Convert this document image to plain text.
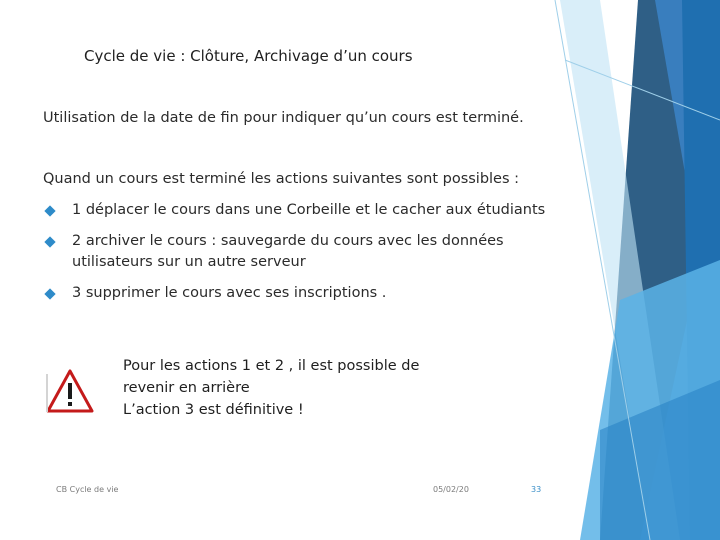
Cycle de vie : Clôture, Archivage d’un cours
Utilisation de la date de fin pour indiquer qu’un cours est terminé.
Quand un cours est terminé les actions suivantes sont possibles :
1 déplacer le cours dans une Corbeille et le cacher aux étudiants
2 archiver le cours : sauvegarde du cours avec les données
utilisateurs sur un autre serveur
3 supprimer le cours avec ses inscriptions .
Pour les actions 1 et 2 , il est possible de
revenir en arrière
L’action 3 est définitive !
CB Cycle de vie	05/02/20	33
